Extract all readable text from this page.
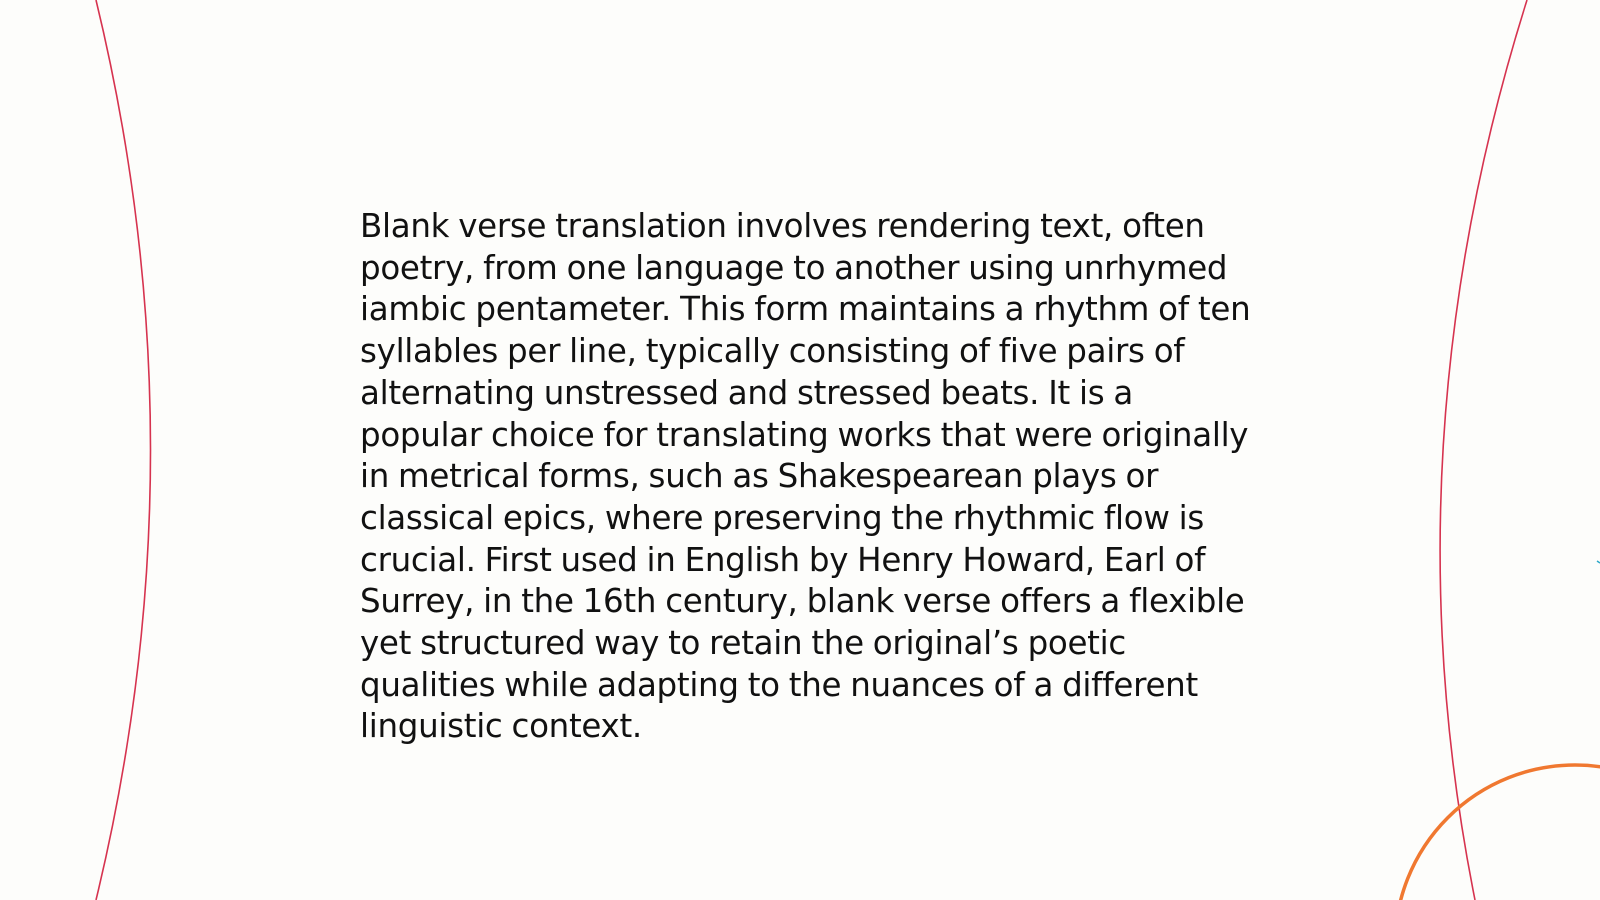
Blank verse translation involves rendering text, often poetry, from one language to another using unrhymed iambic pentameter. This form maintains a rhythm of ten syllables per line, typically consisting of five pairs of alternating unstressed and stressed beats. It is a popular choice for translating works that were originally in metrical forms, such as Shakespearean plays or classical epics, where preserving the rhythmic flow is crucial. First used in English by Henry Howard, Earl of Surrey, in the 16th century, blank verse offers a flexible yet structured way to retain the original’s poetic qualities while adapting to the nuances of a different linguistic context.
